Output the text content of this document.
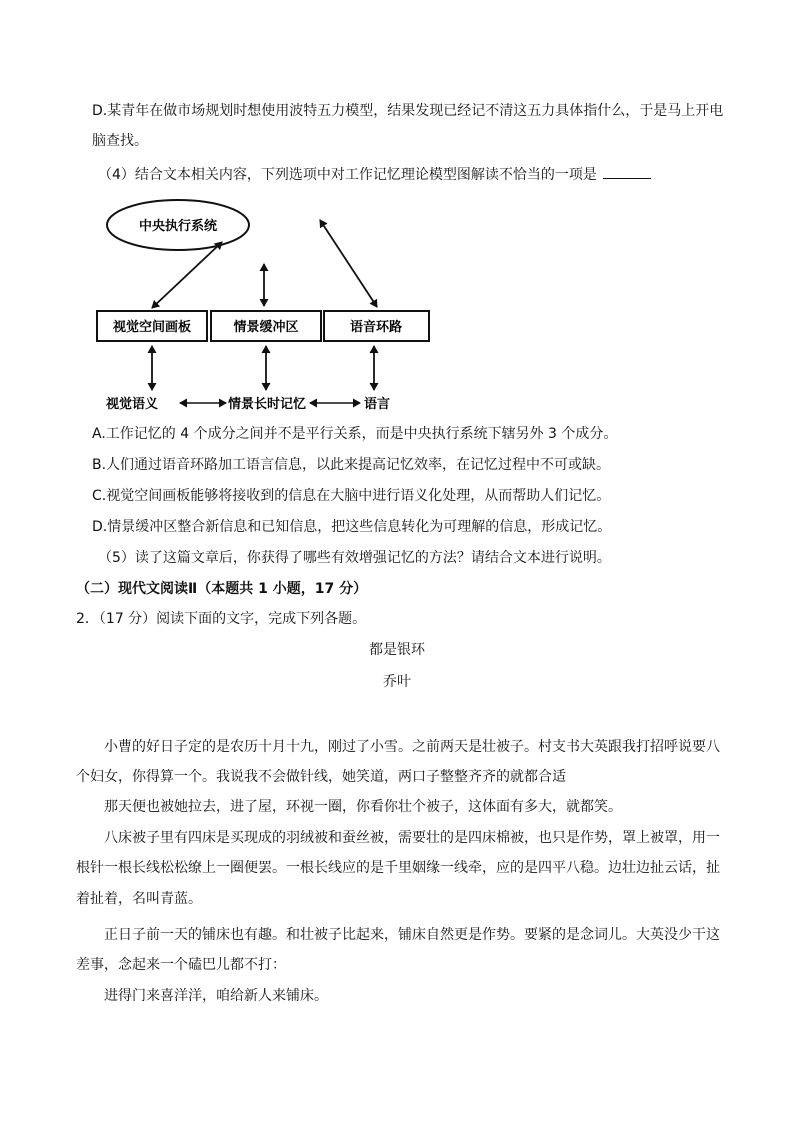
D.某青年在做市场规划时想使用波特五力模型，结果发现已经记不清这五力具体指什么，于是马上开电
脑查找。
（4）结合文本相关内容，下列选项中对工作记忆理论模型图解读不恰当的一项是
中央执行系统
视觉空间画板	情景缓冲区	语音环路
视觉语义	情景长时记忆	语言
A.工作记忆的 4 个成分之间并不是平行关系，而是中央执行系统下辖另外 3 个成分。
B.人们通过语音环路加工语言信息，以此来提高记忆效率，在记忆过程中不可或缺。
C.视觉空间画板能够将接收到的信息在大脑中进行语义化处理，从而帮助人们记忆。
D.情景缓冲区整合新信息和已知信息，把这些信息转化为可理解的信息，形成记忆。
（5）读了这篇文章后，你获得了哪些有效增强记忆的方法？请结合文本进行说明。
（二）现代文阅读Ⅱ（本题共 1 小题，17 分）
2．（17 分）阅读下面的文字，完成下列各题。
都是银环
乔叶
小曹的好日子定的是农历十月十九，刚过了小雪。之前两天是壮被子。村支书大英跟我打招呼说要八
个妇女，你得算一个。我说我不会做针线，她笑道，两口子整整齐齐的就都合适
那天便也被她拉去，进了屋，环视一圈，你看你壮个被子，这体面有多大，就都笑。
八床被子里有四床是买现成的羽绒被和蚕丝被，需要壮的是四床棉被，也只是作势，罩上被罩，用一
根针一根长线松松缭上一圈便罢。一根长线应的是千里姻缘一线牵，应的是四平八稳。边壮边扯云话，扯
着扯着，名叫青蓝。
正日子前一天的铺床也有趣。和壮被子比起来，铺床自然更是作势。要紧的是念词儿。大英没少干这
差事，念起来一个磕巴儿都不打：
进得门来喜洋洋，咱给新人来铺床。
